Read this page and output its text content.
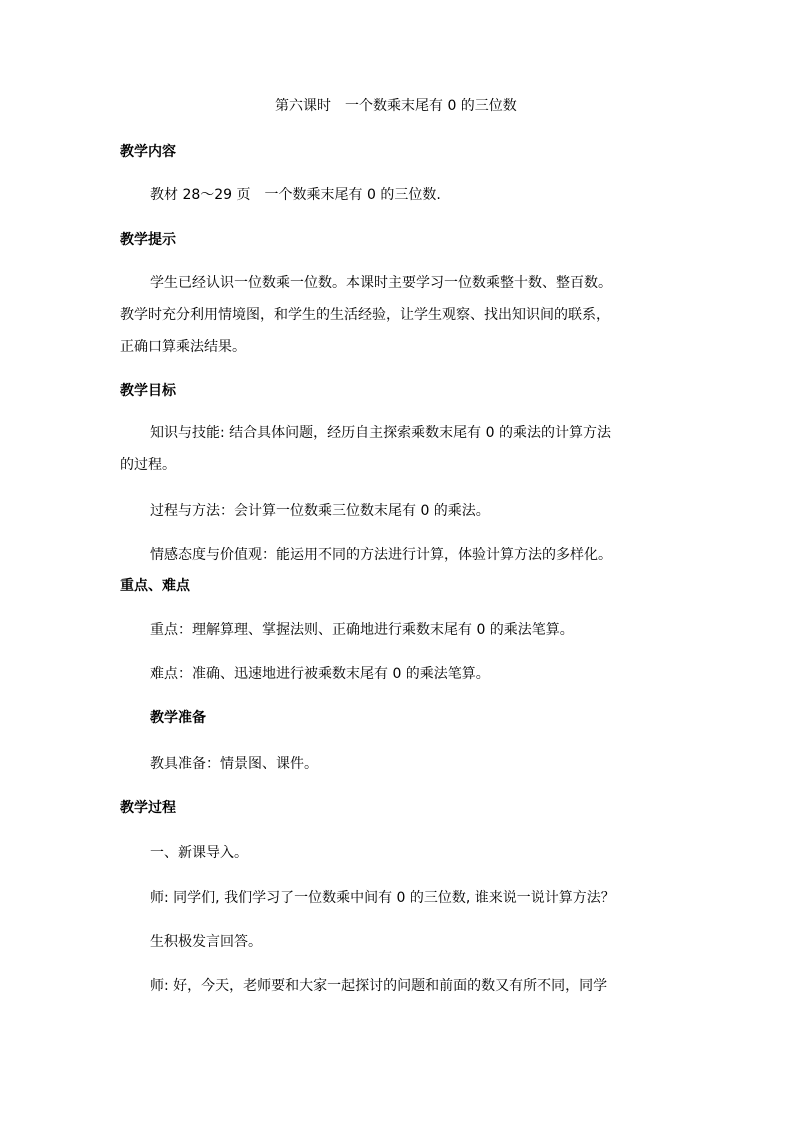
第六课时　一个数乘末尾有 0 的三位数
教学内容
教材 28～29 页　一个数乘末尾有 0 的三位数.
教学提示
学生已经认识一位数乘一位数。本课时主要学习一位数乘整十数、整百数。
教学时充分利用情境图，和学生的生活经验，让学生观察、找出知识间的联系，
正确口算乘法结果。
教学目标
知识与技能: 结合具体问题，经历自主探索乘数末尾有 0 的乘法的计算方法
的过程。
过程与方法：会计算一位数乘三位数末尾有 0 的乘法。
情感态度与价值观：能运用不同的方法进行计算，体验计算方法的多样化。
重点、难点
重点：理解算理、掌握法则、正确地进行乘数末尾有 0 的乘法笔算。
难点：准确、迅速地进行被乘数末尾有 0 的乘法笔算。
教学准备
教具准备：情景图、课件。
教学过程
一、新课导入。
师: 同学们, 我们学习了一位数乘中间有 0 的三位数, 谁来说一说计算方法？
生积极发言回答。
师: 好，今天，老师要和大家一起探讨的问题和前面的数又有所不同，同学
